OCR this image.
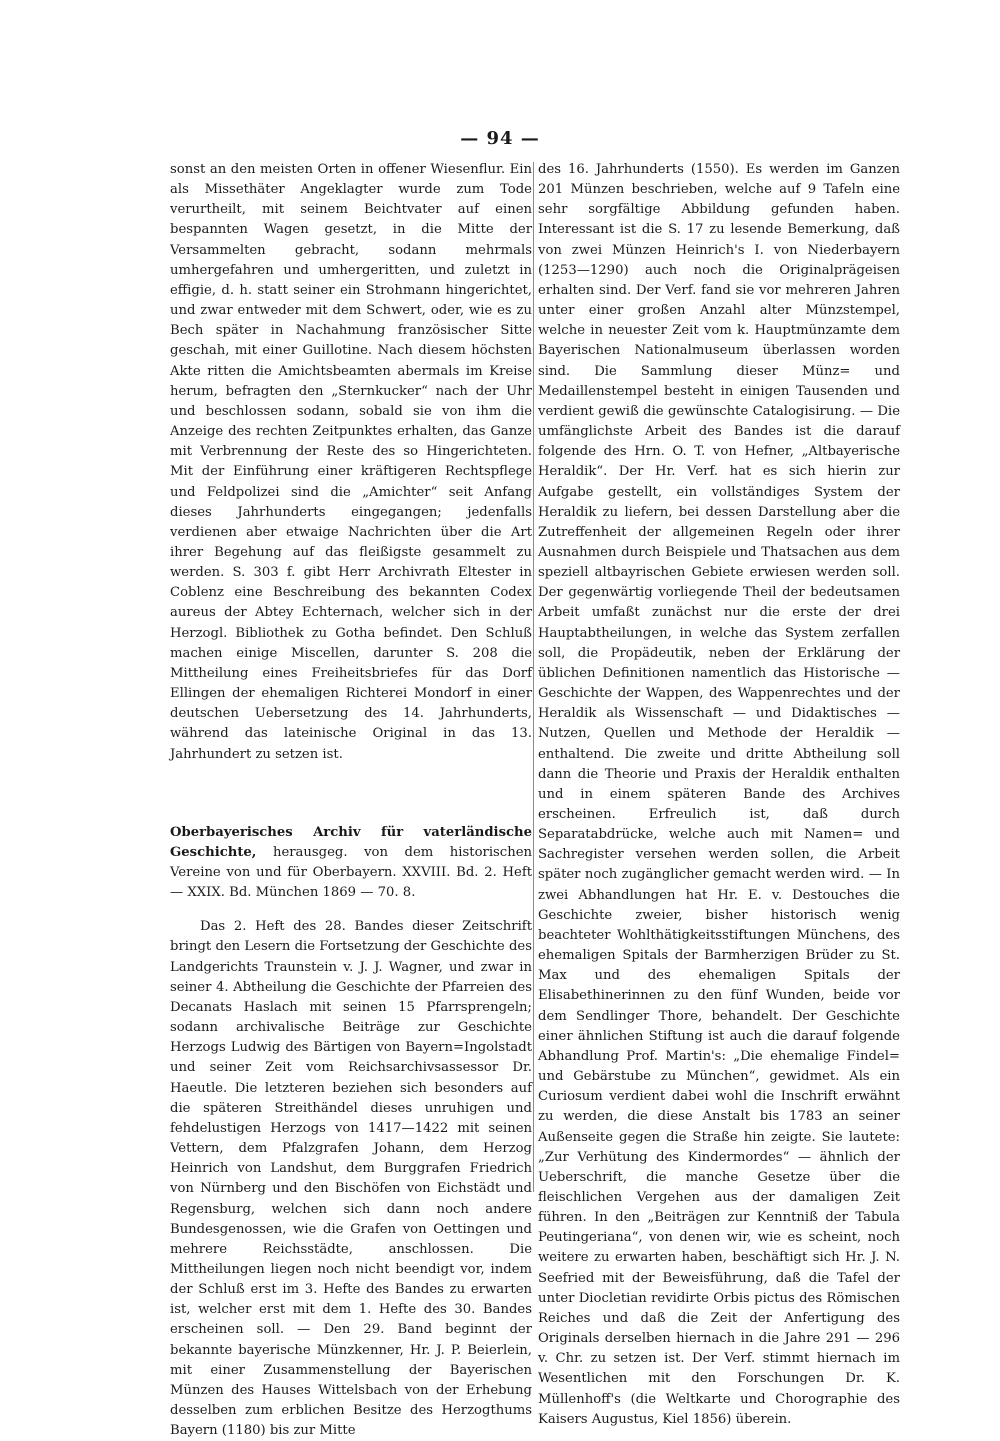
— 94 —

sonst an den meisten Orten in offener Wiesenflur. Ein als Missethäter Angeklagter wurde zum Tode verurtheilt, mit seinem Beichtvater auf einen bespannten Wagen gesetzt, in die Mitte der Versammelten gebracht, sodann mehrmals umhergefahren und umhergeritten, und zuletzt in effigie, d. h. statt seiner ein Strohmann hingerichtet, und zwar entweder mit dem Schwert, oder, wie es zu Bech später in Nachahmung französischer Sitte geschah, mit einer Guillotine. Nach diesem höchsten Akte ritten die Amichtsbeamten abermals im Kreise herum, befragten den „Sternkucker“ nach der Uhr und beschlossen sodann, sobald sie von ihm die Anzeige des rechten Zeitpunktes erhalten, das Ganze mit Verbrennung der Reste des so Hingerichteten. Mit der Einführung einer kräftigeren Rechtspflege und Feldpolizei sind die „Amichter“ seit Anfang dieses Jahrhunderts eingegangen; jedenfalls verdienen aber etwaige Nachrichten über die Art ihrer Begehung auf das fleißigste gesammelt zu werden. S. 303 f. gibt Herr Archivrath Eltester in Coblenz eine Beschreibung des bekannten Codex aureus der Abtey Echternach, welcher sich in der Herzogl. Bibliothek zu Gotha befindet. Den Schluß machen einige Miscellen, darunter S. 208 die Mittheilung eines Freiheitsbriefes für das Dorf Ellingen der ehemaligen Richterei Mondorf in einer deutschen Uebersetzung des 14. Jahrhunderts, während das lateinische Original in das 13. Jahrhundert zu setzen ist.

Oberbayerisches Archiv für vaterländische Geschichte, herausgeg. von dem historischen Vereine von und für Oberbayern. XXVIII. Bd. 2. Heft — XXIX. Bd. München 1869 — 70. 8.

Das 2. Heft des 28. Bandes dieser Zeitschrift bringt den Lesern die Fortsetzung der Geschichte des Landgerichts Traunstein v. J. J. Wagner, und zwar in seiner 4. Abtheilung die Geschichte der Pfarreien des Decanats Haslach mit seinen 15 Pfarrsprengeln; sodann archivalische Beiträge zur Geschichte Herzogs Ludwig des Bärtigen von Bayern=Ingolstadt und seiner Zeit vom Reichsarchivsassessor Dr. Haeutle. Die letzteren beziehen sich besonders auf die späteren Streithändel dieses unruhigen und fehdelustigen Herzogs von 1417—1422 mit seinen Vettern, dem Pfalzgrafen Johann, dem Herzog Heinrich von Landshut, dem Burggrafen Friedrich von Nürnberg und den Bischöfen von Eichstädt und Regensburg, welchen sich dann noch andere Bundesgenossen, wie die Grafen von Oettingen und mehrere Reichsstädte, anschlossen. Die Mittheilungen liegen noch nicht beendigt vor, indem der Schluß erst im 3. Hefte des Bandes zu erwarten ist, welcher erst mit dem 1. Hefte des 30. Bandes erscheinen soll. — Den 29. Band beginnt der bekannte bayerische Münzkenner, Hr. J. P. Beierlein, mit einer Zusammenstellung der Bayerischen Münzen des Hauses Wittelsbach von der Erhebung desselben zum erblichen Besitze des Herzogthums Bayern (1180) bis zur Mitte

des 16. Jahrhunderts (1550). Es werden im Ganzen 201 Münzen beschrieben, welche auf 9 Tafeln eine sehr sorgfältige Abbildung gefunden haben. Interessant ist die S. 17 zu lesende Bemerkung, daß von zwei Münzen Heinrich's I. von Niederbayern (1253—1290) auch noch die Originalprägeisen erhalten sind. Der Verf. fand sie vor mehreren Jahren unter einer großen Anzahl alter Münzstempel, welche in neuester Zeit vom k. Hauptmünzamte dem Bayerischen Nationalmuseum überlassen worden sind. Die Sammlung dieser Münz= und Medaillenstempel besteht in einigen Tausenden und verdient gewiß die gewünschte Catalogisirung. — Die umfänglichste Arbeit des Bandes ist die darauf folgende des Hrn. O. T. von Hefner, „Altbayerische Heraldik“. Der Hr. Verf. hat es sich hierin zur Aufgabe gestellt, ein vollständiges System der Heraldik zu liefern, bei dessen Darstellung aber die Zutreffenheit der allgemeinen Regeln oder ihrer Ausnahmen durch Beispiele und Thatsachen aus dem speziell altbayrischen Gebiete erwiesen werden soll. Der gegenwärtig vorliegende Theil der bedeutsamen Arbeit umfaßt zunächst nur die erste der drei Hauptabtheilungen, in welche das System zerfallen soll, die Propädeutik, neben der Erklärung der üblichen Definitionen namentlich das Historische — Geschichte der Wappen, des Wappenrechtes und der Heraldik als Wissenschaft — und Didaktisches — Nutzen, Quellen und Methode der Heraldik — enthaltend. Die zweite und dritte Abtheilung soll dann die Theorie und Praxis der Heraldik enthalten und in einem späteren Bande des Archives erscheinen. Erfreulich ist, daß durch Separatabdrücke, welche auch mit Namen= und Sachregister versehen werden sollen, die Arbeit später noch zugänglicher gemacht werden wird. — In zwei Abhandlungen hat Hr. E. v. Destouches die Geschichte zweier, bisher historisch wenig beachteter Wohlthätigkeitsstiftungen Münchens, des ehemaligen Spitals der Barmherzigen Brüder zu St. Max und des ehemaligen Spitals der Elisabethinerinnen zu den fünf Wunden, beide vor dem Sendlinger Thore, behandelt. Der Geschichte einer ähnlichen Stiftung ist auch die darauf folgende Abhandlung Prof. Martin's: „Die ehemalige Findel= und Gebärstube zu München“, gewidmet. Als ein Curiosum verdient dabei wohl die Inschrift erwähnt zu werden, die diese Anstalt bis 1783 an seiner Außenseite gegen die Straße hin zeigte. Sie lautete: „Zur Verhütung des Kindermordes“ — ähnlich der Ueberschrift, die manche Gesetze über die fleischlichen Vergehen aus der damaligen Zeit führen. In den „Beiträgen zur Kenntniß der Tabula Peutingeriana“, von denen wir, wie es scheint, noch weitere zu erwarten haben, beschäftigt sich Hr. J. N. Seefried mit der Beweisführung, daß die Tafel der unter Diocletian revidirte Orbis pictus des Römischen Reiches und daß die Zeit der Anfertigung des Originals derselben hiernach in die Jahre 291 — 296 v. Chr. zu setzen ist. Der Verf. stimmt hiernach im Wesentlichen mit den Forschungen Dr. K. Müllenhoff's (die Weltkarte und Chorographie des Kaisers Augustus, Kiel 1856) überein.
